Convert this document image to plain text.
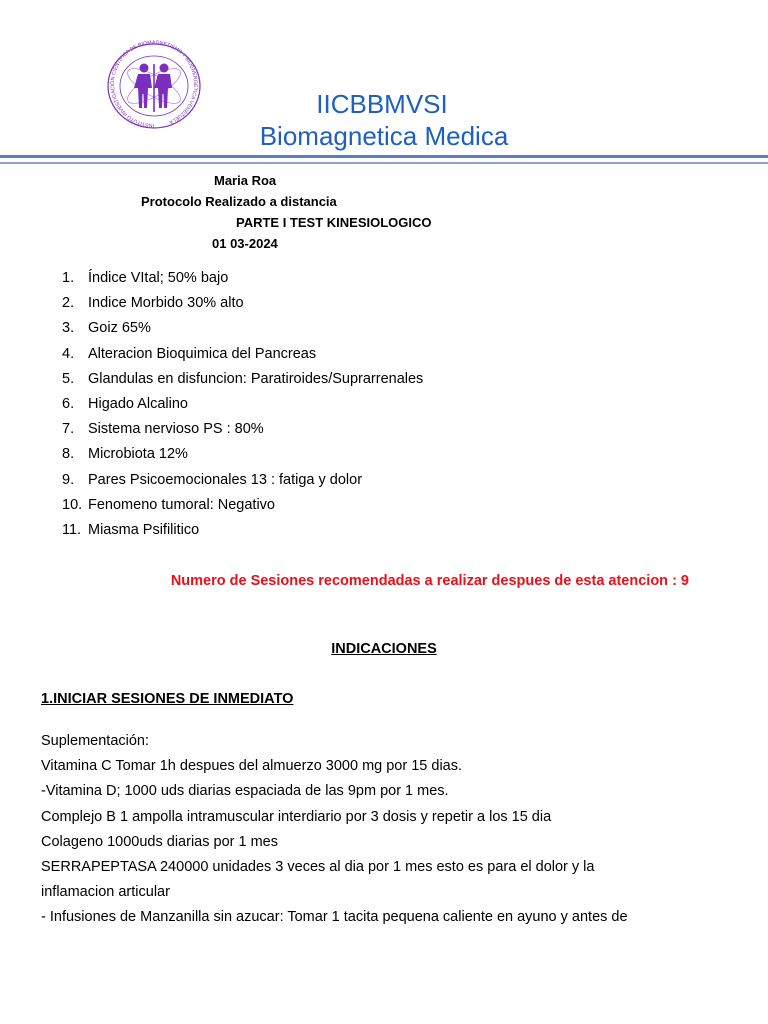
INSTITUTO INVESTIGACIÓN CIENTÍFICA DE BIOMAGNETISMO Y BIOENERGÉTICA VENEZUELA
IICBBMVSI
Biomagnetica Medica
Maria Roa
Protocolo Realizado a distancia
PARTE I TEST KINESIOLOGICO
01 03-2024
1. Índice VItal; 50% bajo
2. Indice Morbido 30% alto
3. Goiz 65%
4. Alteracion Bioquimica del Pancreas
5. Glandulas en disfuncion: Paratiroides/Suprarrenales
6. Higado Alcalino
7. Sistema nervioso PS : 80%
8. Microbiota 12%
9. Pares Psicoemocionales 13 : fatiga y dolor
10. Fenomeno tumoral: Negativo
11. Miasma Psifilitico
Numero de Sesiones recomendadas a realizar despues de esta atencion : 9
INDICACIONES
1.INICIAR SESIONES DE INMEDIATO
Suplementación:
Vitamina C Tomar 1h despues del almuerzo 3000 mg por 15 dias.
-Vitamina D; 1000 uds diarias espaciada de las 9pm por 1 mes.
Complejo B 1 ampolla intramuscular interdiario por 3 dosis y repetir a los 15 dia
Colageno 1000uds diarias por 1 mes
SERRAPEPTASA 240000 unidades 3 veces al dia por 1 mes esto es para el dolor y la
inflamacion articular
- Infusiones de Manzanilla sin azucar: Tomar 1 tacita pequena caliente en ayuno y antes de
